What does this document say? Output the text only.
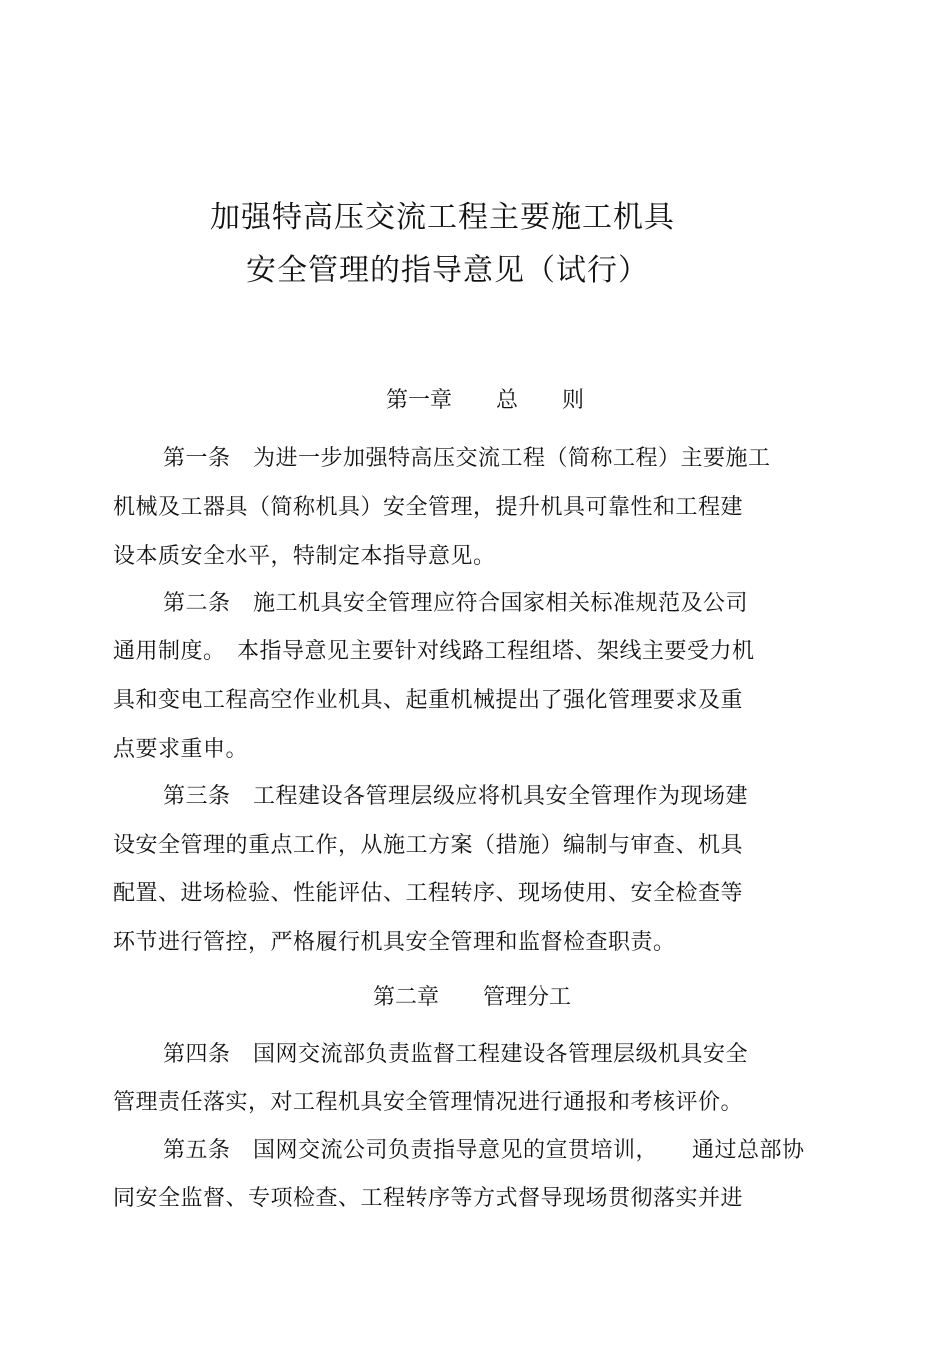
加强特高压交流工程主要施工机具
安全管理的指导意见（试行）
第一章　　总　　则
第一条　为进一步加强特高压交流工程（简称工程）主要施工
机械及工器具（简称机具）安全管理，提升机具可靠性和工程建
设本质安全水平，特制定本指导意见。
第二条　施工机具安全管理应符合国家相关标准规范及公司
通用制度。　本指导意见主要针对线路工程组塔、架线主要受力机
具和变电工程高空作业机具、起重机械提出了强化管理要求及重
点要求重申。
第三条　工程建设各管理层级应将机具安全管理作为现场建
设安全管理的重点工作，从施工方案（措施）编制与审查、机具
配置、进场检验、性能评估、工程转序、现场使用、安全检查等
环节进行管控，严格履行机具安全管理和监督检查职责。
第二章　　管理分工
第四条　国网交流部负责监督工程建设各管理层级机具安全
管理责任落实，对工程机具安全管理情况进行通报和考核评价。
第五条　国网交流公司负责指导意见的宣贯培训，　　通过总部协
同安全监督、专项检查、工程转序等方式督导现场贯彻落实并进
